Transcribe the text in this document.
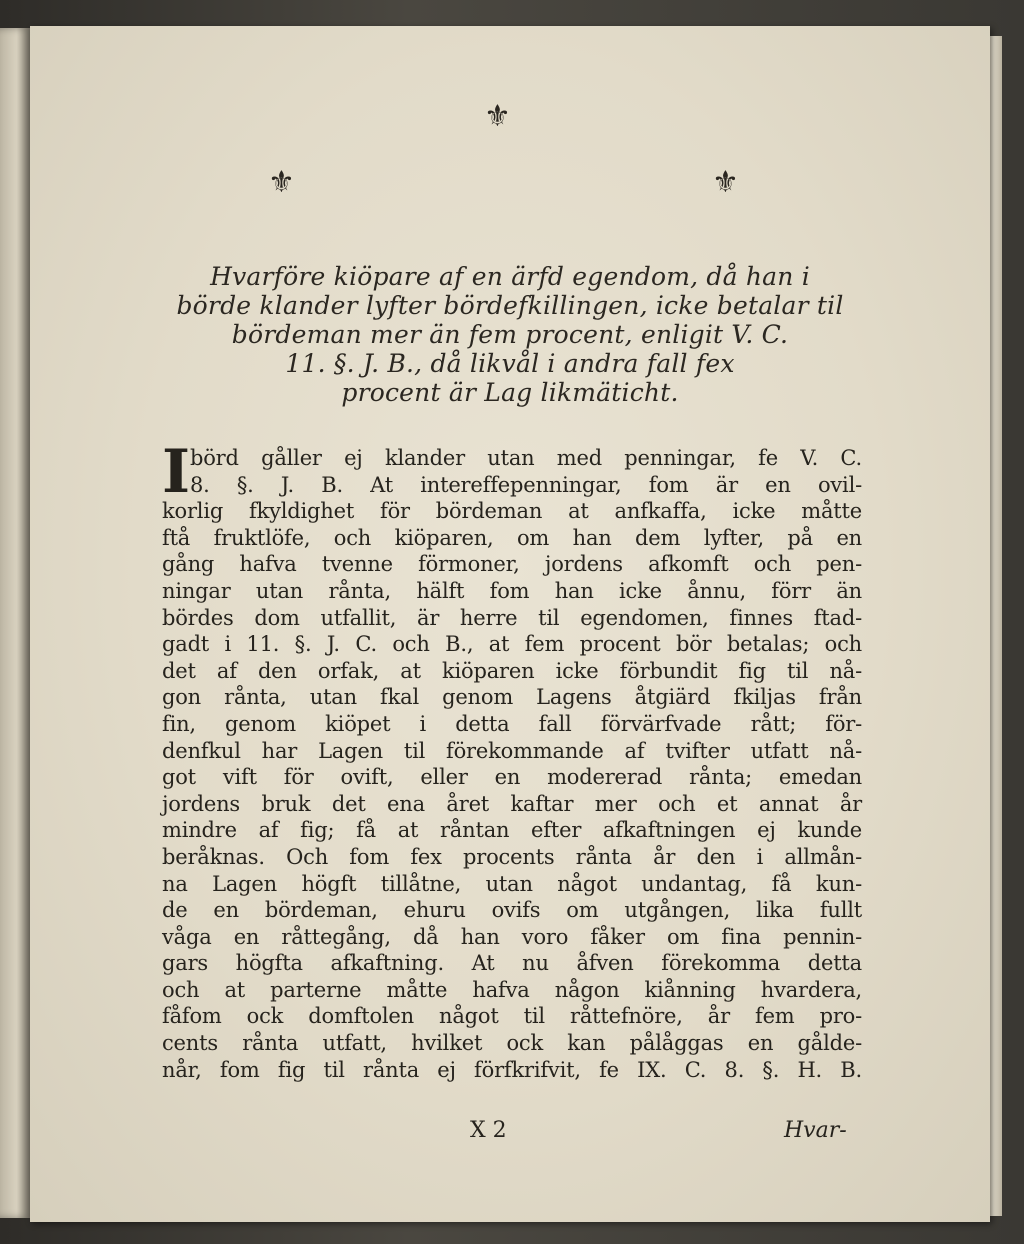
⚜
⚜	⚜
Hvarföre kiöpare af en ärfd egendom, då han i
börde klander lyfter bördefkillingen, icke betalar til
bördeman mer än fem procent, enligit V. C.
11. §. J. B., då likvål i andra fall fex
procent är Lag likmäticht.
I börd gåller ej klander utan med penningar, fe V. C.
8. §. J. B. At intereffepenningar, fom är en ovil-
korlig fkyldighet för bördeman at anfkaffa, icke måtte
ftå fruktlöfe, och kiöparen, om han dem lyfter, på en
gång hafva tvenne förmoner, jordens afkomft och pen-
ningar utan rånta, hälft fom han icke ånnu, förr än
bördes dom utfallit, är herre til egendomen, finnes ftad-
gadt i 11. §. J. C. och B., at fem procent bör betalas; och
det af den orfak, at kiöparen icke förbundit fig til nå-
gon rånta, utan fkal genom Lagens åtgiärd fkiljas från
fin, genom kiöpet i detta fall förvärfvade rått; för-
denfkul har Lagen til förekommande af tvifter utfatt nå-
got vift för ovift, eller en modererad rånta; emedan
jordens bruk det ena året kaftar mer och et annat år
mindre af fig; få at råntan efter afkaftningen ej kunde
beråknas. Och fom fex procents rånta år den i allmån-
na Lagen högft tillåtne, utan något undantag, få kun-
de en bördeman, ehuru ovifs om utgången, lika fullt
våga en råttegång, då han voro fåker om fina pennin-
gars högfta afkaftning. At nu åfven förekomma detta
och at parterne måtte hafva någon kiånning hvardera,
fåfom ock domftolen något til råttefnöre, år fem pro-
cents rånta utfatt, hvilket ock kan pålåggas en gålde-
når, fom fig til rånta ej förfkrifvit, fe IX. C. 8. §. H. B.
X 2	Hvar-
